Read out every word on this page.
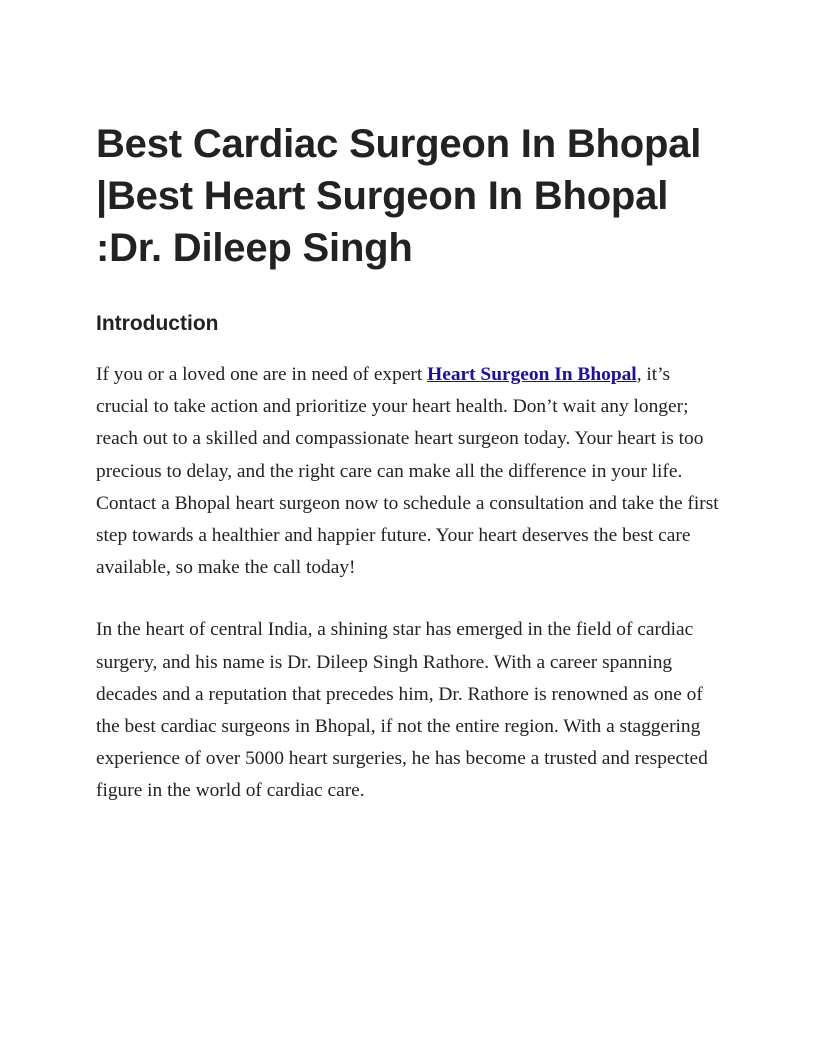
Best Cardiac Surgeon In Bhopal |Best Heart Surgeon In Bhopal :Dr. Dileep Singh
Introduction

If you or a loved one are in need of expert Heart Surgeon In Bhopal, it’s crucial to take action and prioritize your heart health. Don’t wait any longer; reach out to a skilled and compassionate heart surgeon today. Your heart is too precious to delay, and the right care can make all the difference in your life. Contact a Bhopal heart surgeon now to schedule a consultation and take the first step towards a healthier and happier future. Your heart deserves the best care available, so make the call today!

In the heart of central India, a shining star has emerged in the field of cardiac surgery, and his name is Dr. Dileep Singh Rathore. With a career spanning decades and a reputation that precedes him, Dr. Rathore is renowned as one of the best cardiac surgeons in Bhopal, if not the entire region. With a staggering experience of over 5000 heart surgeries, he has become a trusted and respected figure in the world of cardiac care.
